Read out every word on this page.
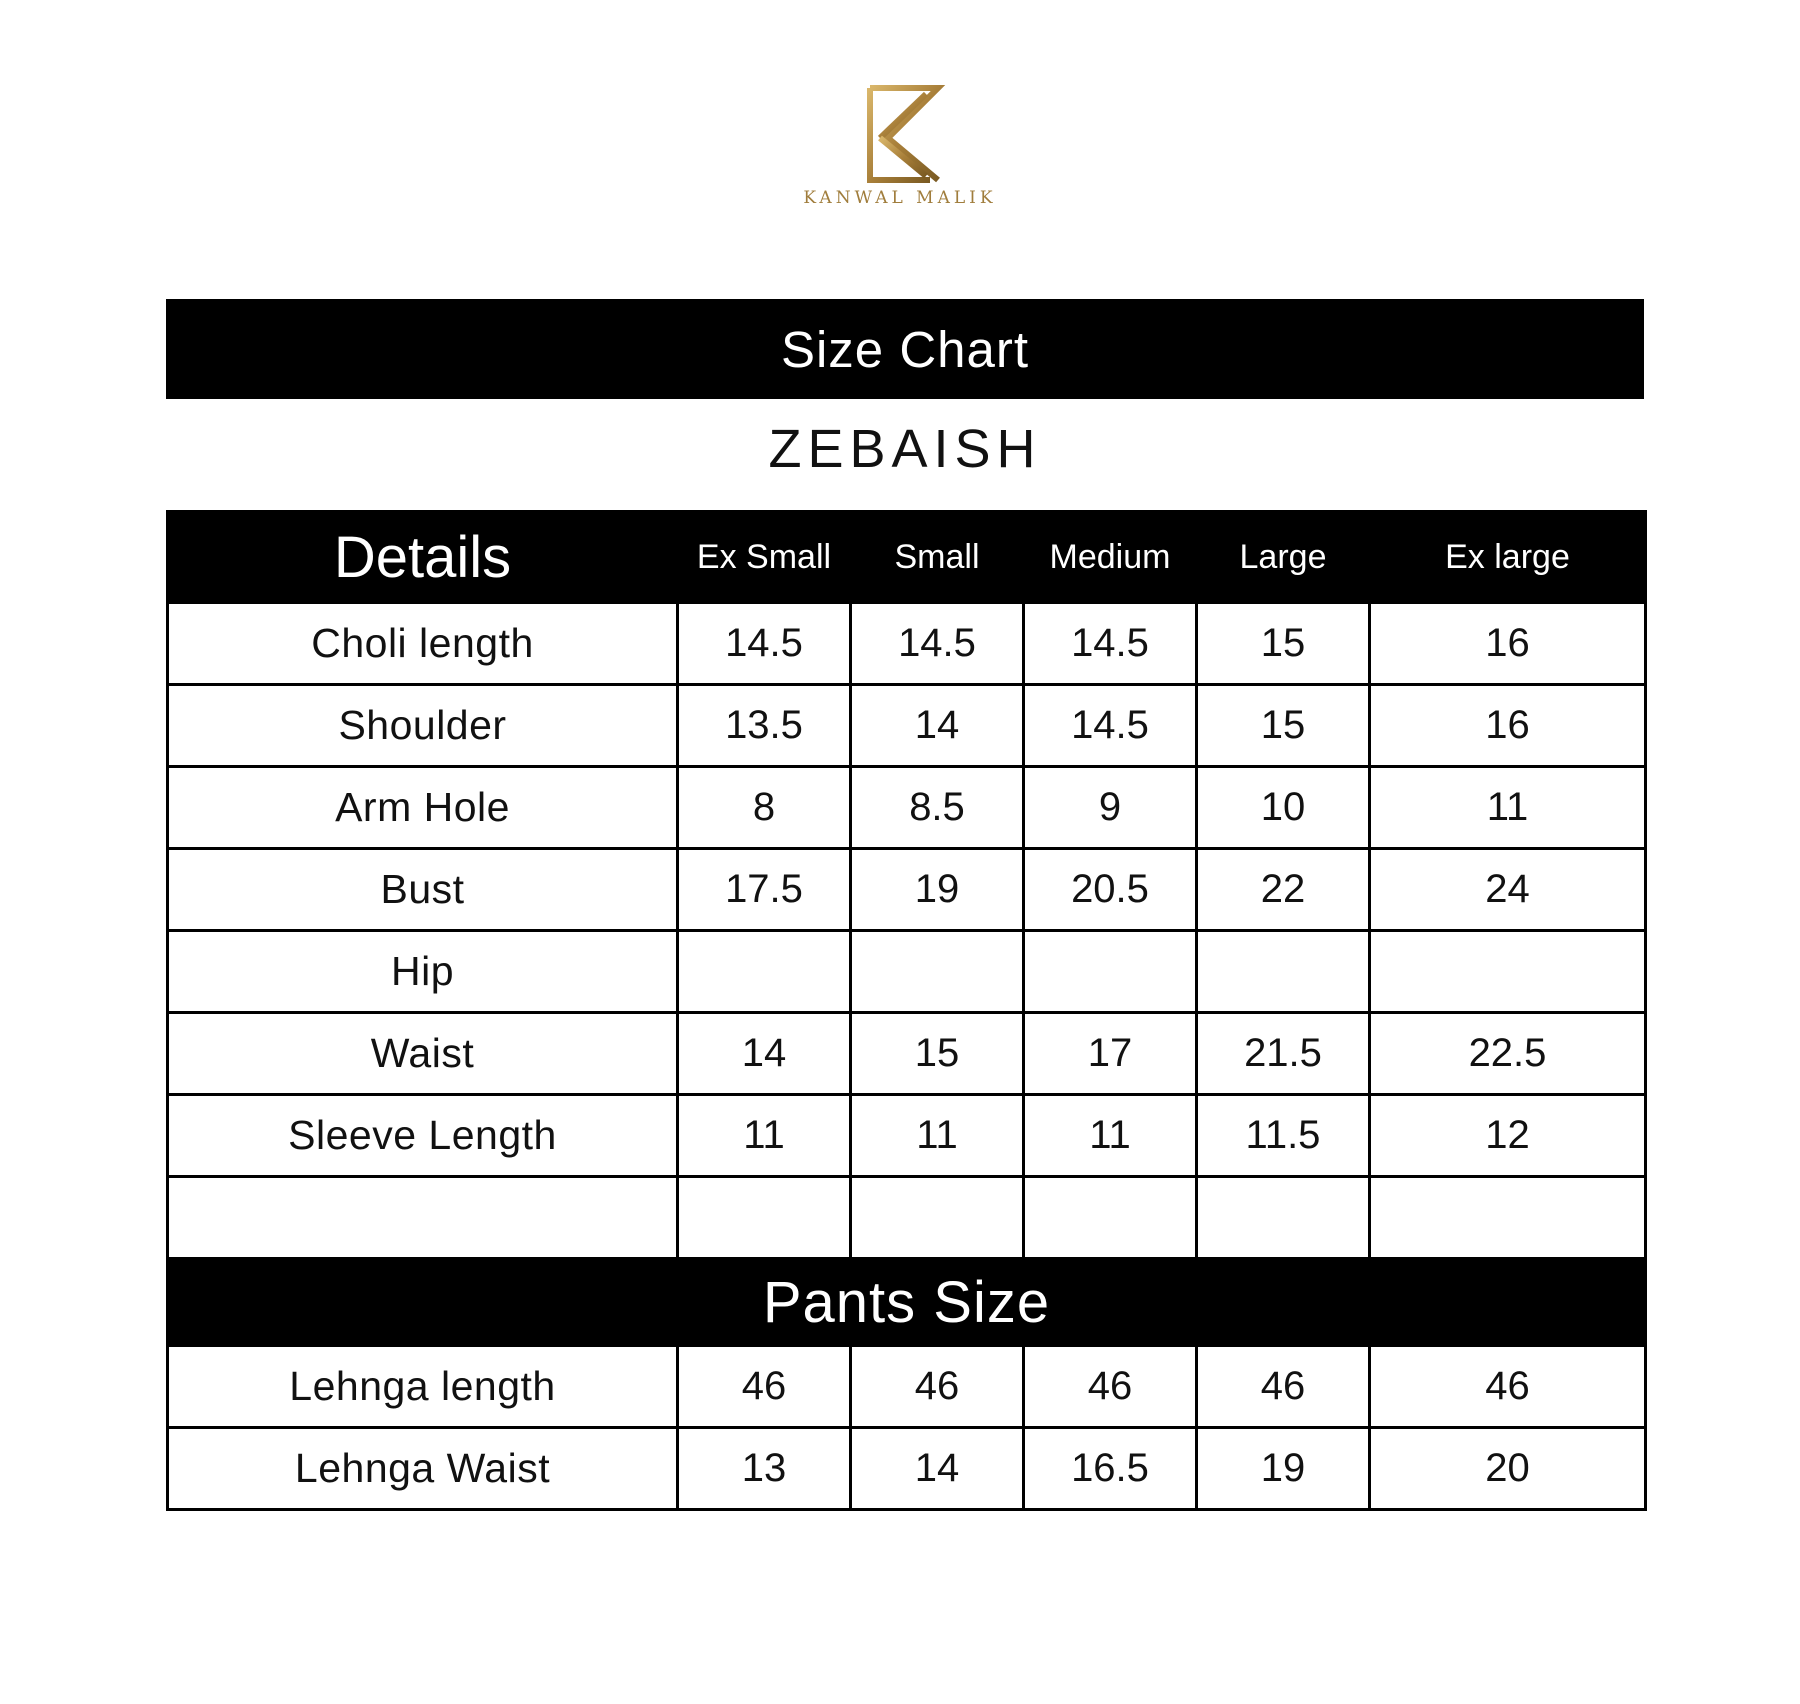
KANWAL MALIK
Size Chart
ZEBAISH
Details	Ex Small	Small	Medium	Large	Ex large
Choli length	14.5	14.5	14.5	15	16
Shoulder	13.5	14	14.5	15	16
Arm Hole	8	8.5	9	10	11
Bust	17.5	19	20.5	22	24
Hip					
Waist	14	15	17	21.5	22.5
Sleeve Length	11	11	11	11.5	12

Pants Size					
Lehnga length	46	46	46	46	46
Lehnga Waist	13	14	16.5	19	20
